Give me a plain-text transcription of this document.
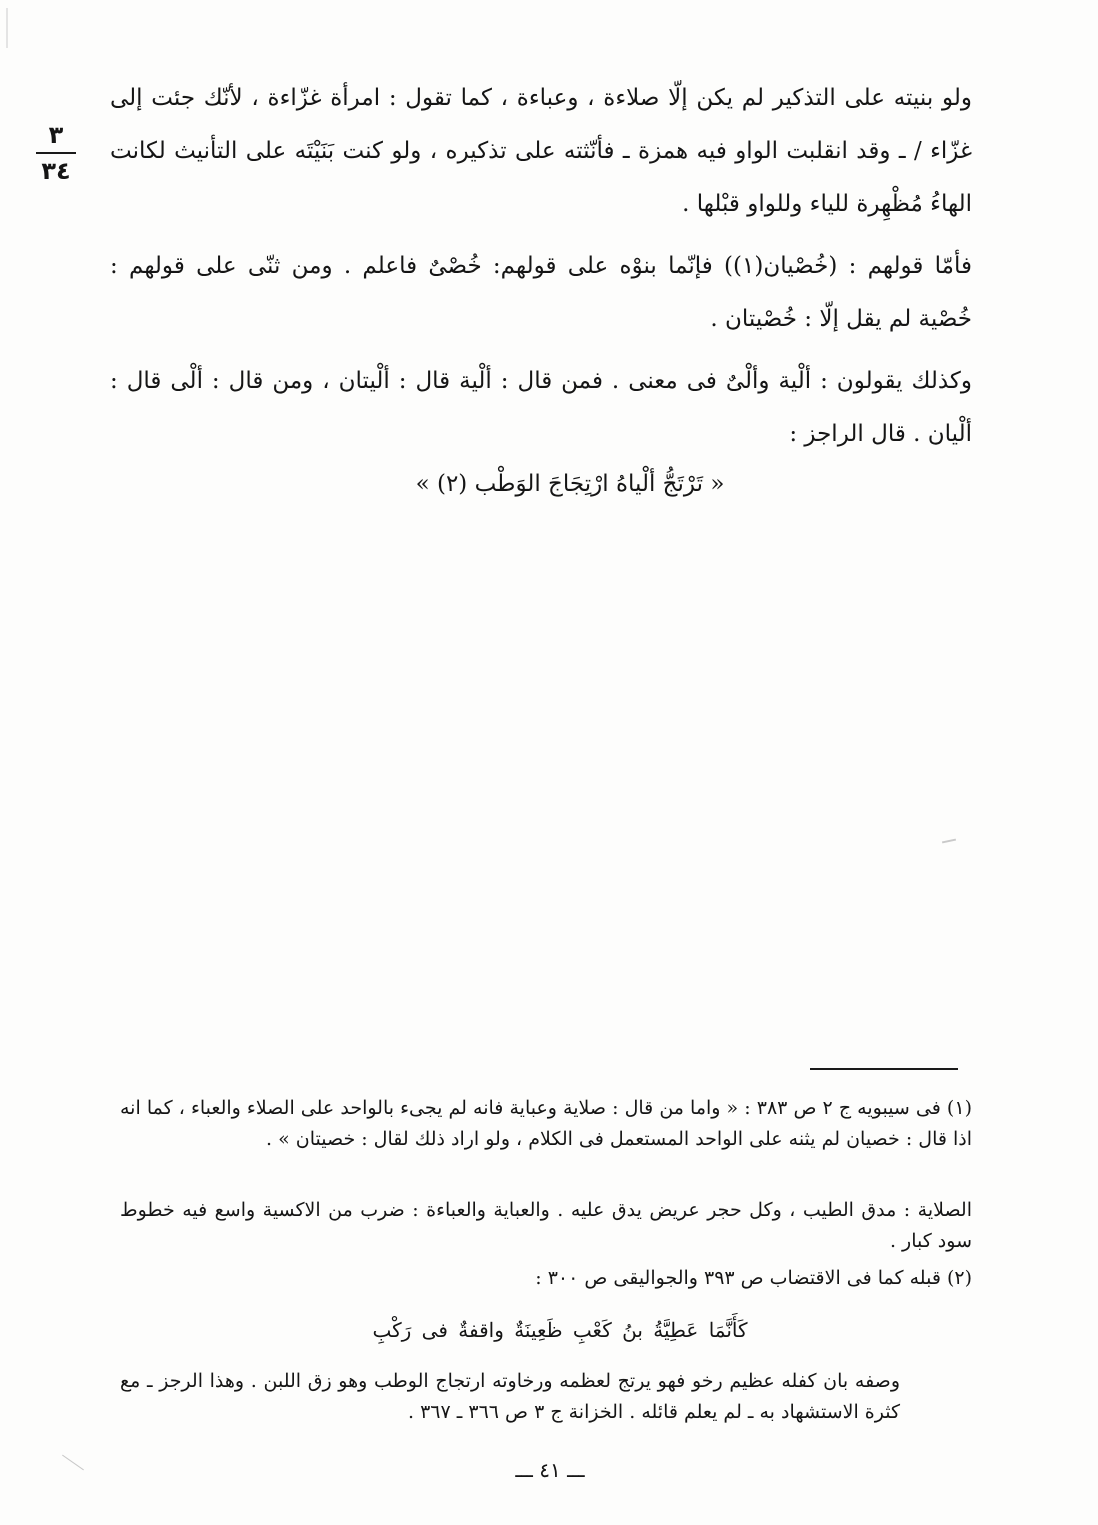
٣
٣٤

ولو بنيته على التذكير لم يكن إلّا صلاءة ، وعباءة ، كما تقول : امرأة غزّاءة ، لأنّك جئت إلى غزّاء / ـ وقد انقلبت الواو فيه همزة ـ فأنّثته على تذكيره ، ولو كنت بَنَيْتَه على التأنيث لكانت الهاءُ مُظْهِرة للياء وللواو قبْلها .

فأمّا قولهم : (خُصْيان(١)) فإنّما بنوْه على قولهم: خُصْىٌ فاعلم . ومن ثنّى على قولهم : خُصْية لم يقل إلّا : خُصْيتان .

وكذلك يقولون : ألْية وألْىٌ فى معنى . فمن قال : ألْية قال : ألْيتان ، ومن قال : ألْى قال : ألْيان . قال الراجز :

« تَرْتَجُّ ألْياهُ ارْتِجَاجَ الوَطْب (٢) »
(١) فى سيبويه ج ٢ ص ٣٨٣ : « واما من قال : صلاية وعباية فانه لم يجىء بالواحد على الصلاء والعباء ، كما انه اذا قال : خصيان لم يثنه على الواحد المستعمل فى الكلام ، ولو اراد ذلك لقال : خصيتان » .
الصلاية : مدق الطيب ، وكل حجر عريض يدق عليه . والعباية والعباءة : ضرب من الاكسية واسع فيه خطوط سود كبار .
(٢) قبله كما فى الاقتضاب ص ٣٩٣ والجواليقى ص ٣٠٠ :
كَأَنَّمَا عَطِيَّةُ بنُ كَعْبِ ظَعِينَةٌ واقفةٌ فى رَكْبِ
وصفه بان كفله عظيم رخو فهو يرتج لعظمه ورخاوته ارتجاج الوطب وهو زق اللبن . وهذا الرجز ـ مع كثرة الاستشهاد به ـ لم يعلم قائله . الخزانة ج ٣ ص ٣٦٦ ـ ٣٦٧ .
ـــ ٤١ ـــ
